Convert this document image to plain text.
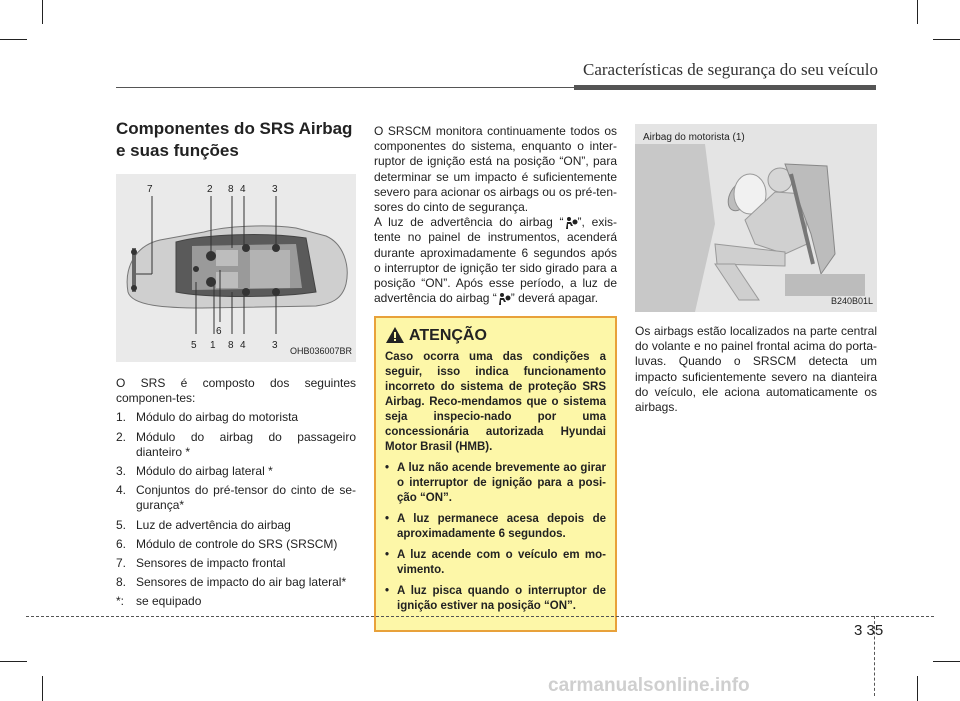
Características de segurança do seu veículo
Componentes do SRS Airbag e suas funções
7	2 8 4	3
5 1
6
8 4	3 OHB036007BR

O SRS é composto dos seguintes componen-tes:

1. Módulo do airbag do motorista
2. Módulo do airbag do passageiro dianteiro *
3. Módulo do airbag lateral *
4. Conjuntos do pré-tensor do cinto de se-gurança*
5. Luz de advertência do airbag
6. Módulo de controle do SRS (SRSCM)
7. Sensores de impacto frontal
8. Sensores de impacto do air bag lateral*
*: se equipado

O SRSCM monitora continuamente todos os componentes do sistema, enquanto o inter-ruptor de ignição está na posição “ON”, para determinar se um impacto é suficientemente severo para acionar os airbags ou os pré-ten-sores do cinto de segurança.

A luz de advertência do airbag “ ”, exis-tente no painel de instrumentos, acenderá durante aproximadamente 6 segundos após o interruptor de ignição ter sido girado para a posição “ON”. Após esse período, a luz de advertência do airbag “ ” deverá apagar.

ATENÇÃO
Caso ocorra uma das condições a seguir, isso indica funcionamento incorreto do sistema de proteção SRS Airbag. Reco-mendamos que o sistema seja inspecio-nado por uma concessionária autorizada Hyundai Motor Brasil (HMB).
• A luz não acende brevemente ao girar o interruptor de ignição para a posi-ção “ON”.
• A luz permanece acesa depois de aproximadamente 6 segundos.
• A luz acende com o veículo em mo-vimento.
• A luz pisca quando o interruptor de ignição estiver na posição “ON”.
Airbag do motorista (1)
B240B01L

Os airbags estão localizados na parte central do volante e no painel frontal acima do porta-luvas. Quando o SRSCM detecta um impacto suficientemente severo na dianteira do veículo, ele aciona automaticamente os airbags.

3 35
carmanualsonline.info
